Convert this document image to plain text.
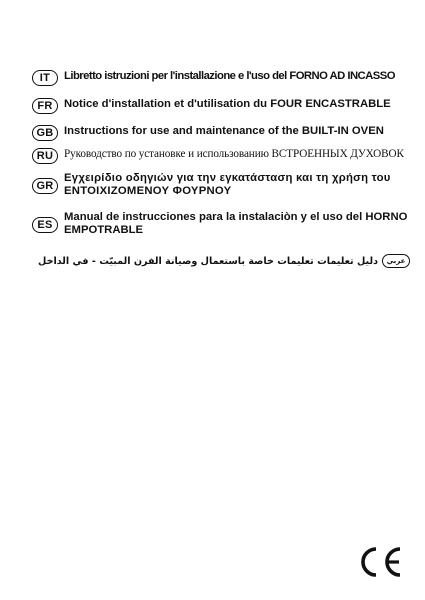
IT	Libretto istruzioni per l'installazione e l'uso del FORNO AD INCASSO
FR	Notice d'installation et d'utilisation du FOUR ENCASTRABLE
GB Instructions for use and maintenance of the BUILT-IN OVEN
RU Руководство по установке и использованию ВСТРОЕННЫХ ДУХОВОК
GR
Εγχειρίδιο οδηγιών για την εγκατάσταση και τη χρήση του ΕΝΤΟΙΧΙΖΟΜΕΝΟΥ ΦΟΥΡΝΟΥ
ES
Manual de instrucciones para la instalaciòn y el uso del HORNO EMPOTRABLE
دليل تعليمات تعليمات خاصة باستعمال وصيانة الفرن المبيّت - في الداخل	عربي
